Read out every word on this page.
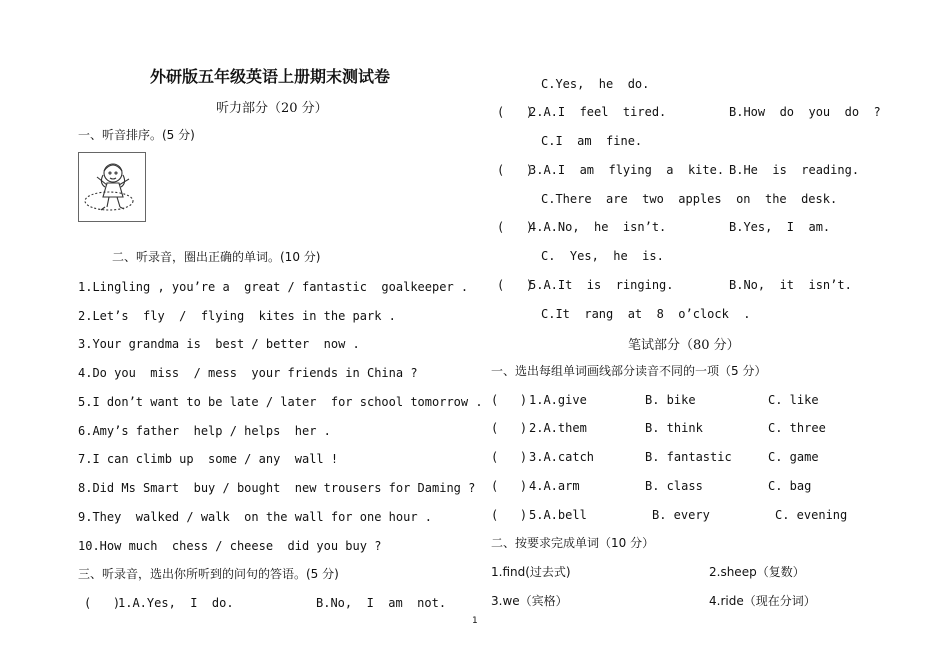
外研版五年级英语上册期末测试卷
听力部分（20 分）
一、听音排序。(5 分)
二、听录音，圈出正确的单词。(10 分)
1.Lingling , you’re a  great / fantastic  goalkeeper .
2.Let’s  fly  /  flying  kites in the park .
3.Your grandma is  best / better  now .
4.Do you  miss  / mess  your friends in China ?
5.I don’t want to be late / later  for school tomorrow .
6.Amy’s father  help / helps  her .
7.I can climb up  some / any  wall !
8.Did Ms Smart  buy / bought  new trousers for Daming ?
9.They  walked / walk  on the wall for one hour .
10.How much  chess / cheese  did you buy ?
三、听录音，选出你所听到的问句的答语。(5 分)
(   )
1.A.Yes,  I  do.	B.No,  I  am  not.
C.Yes,  he  do.
(   )
2.A.I  feel  tired.	B.How  do  you  do  ?
C.I  am  fine.
(   )
3.A.I  am  flying  a  kite. B.He  is  reading.
C.There  are  two  apples  on  the  desk.
(   )
4.A.No,  he  isn’t.	B.Yes,  I  am.
C.  Yes,  he  is.
(   )
5.A.It  is  ringing.	B.No,  it  isn’t.
C.It  rang  at  8  o’clock  .
笔试部分（80 分）
一、选出每组单词画线部分读音不同的一项（5 分）
(   ) 1.A.give	B. bike	C. like
(   ) 2.A.them	B. think	C. three
(   ) 3.A.catch	B. fantastic	C. game
(   ) 4.A.arm	B. class	C. bag
(   ) 5.A.bell	B. every	C. evening
二、按要求完成单词（10 分）
1.find(过去式)	2.sheep（复数）
3.we（宾格）	4.ride（现在分词）
1
